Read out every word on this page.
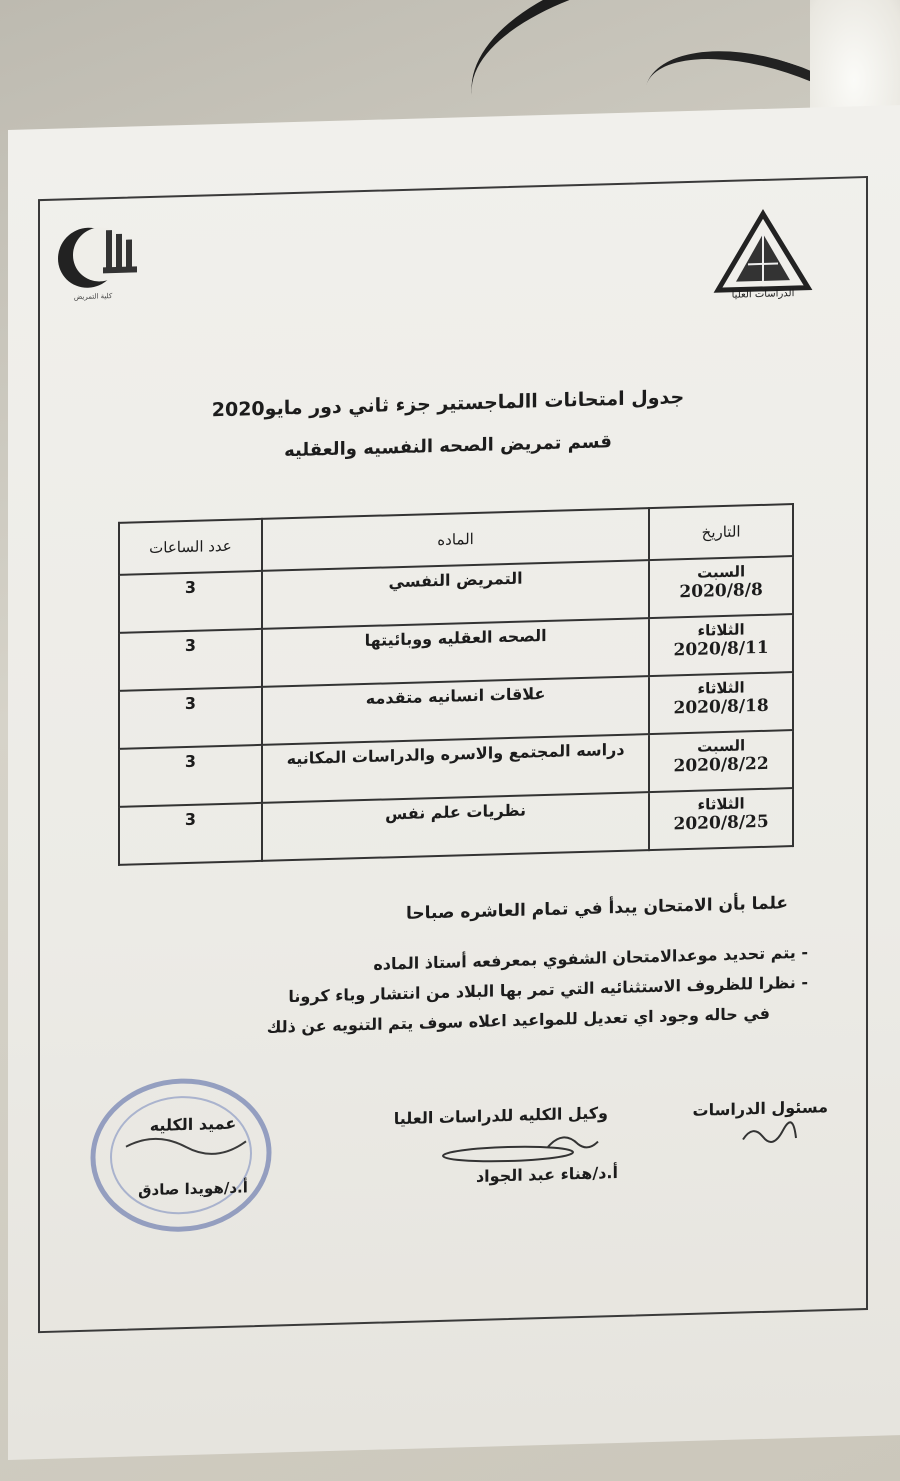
الدراسات العليا
كلية التمريض
جدول امتحانات االماجستير جزء ثاني دور مايو2020
قسم تمريض الصحه النفسيه والعقليه
التاريخ	الماده	عدد الساعات

السبت
2020/8/8	التمريض النفسي	3

الثلاثاء
2020/8/11	الصحه العقليه ووبائيتها	3

الثلاثاء
2020/8/18	علاقات انسانيه متقدمه	3

السبت
2020/8/22	دراسه المجتمع والاسره والدراسات المكانيه	3

الثلاثاء
2020/8/25	نظريات علم نفس	3
علما بأن الامتحان يبدأ في تمام العاشره صباحا
- يتم تحديد موعدالامتحان الشفوي بمعرفعه أستاذ الماده
- نظرا للظروف الاستثنائيه التي تمر بها البلاد من انتشار وباء كرونا
في حاله وجود اي تعديل للمواعيد اعلاه سوف يتم التنويه عن ذلك
مسئول الدراسات
وكيل الكليه للدراسات العليا
أ.د/هناء عبد الجواد
عميد الكليه
أ.د/هويدا صادق
